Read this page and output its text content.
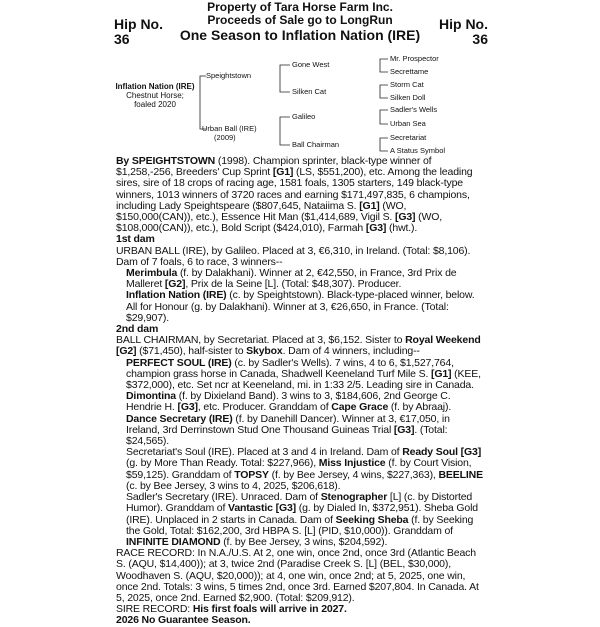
Hip No.
36
Property of Tara Horse Farm Inc.
Proceeds of Sale go to LongRun
One Season to Inflation Nation (IRE)
Hip No.
36
Speightstown
Urban Ball (IRE)
(2009)
Gone West
Silken Cat
Galileo
Ball Chairman
Mr. Prospector
Secrettame
Storm Cat
Silken Doll
Sadler's Wells
Urban Sea
Secretariat
A Status Symbol
Inflation Nation (IRE)
Chestnut Horse;
foaled 2020

By SPEIGHTSTOWN (1998). Champion sprinter, black-type winner of $1,258,-256, Breeders' Cup Sprint [G1] (LS, $551,200), etc. Among the leading sires, sire of 18 crops of racing age, 1581 foals, 1305 starters, 149 black-type winners, 1013 winners of 3720 races and earning $171,497,835, 6 champions, including Lady Speightspeare ($807,645, Nataiima S. [G1] (WO, $150,000(CAN)), etc.), Essence Hit Man ($1,414,689, Vigil S. [G3] (WO, $108,000(CAN)), etc.), Bold Script ($424,010), Farmah [G3] (hwt.).

1st dam

URBAN BALL (IRE), by Galileo. Placed at 3, €6,310, in Ireland. (Total: $8,106). Dam of 7 foals, 6 to race, 3 winners--

Merimbula (f. by Dalakhani). Winner at 2, €42,550, in France, 3rd Prix de Malleret [G2], Prix de la Seine [L]. (Total: $48,307). Producer.

Inflation Nation (IRE) (c. by Speightstown). Black-type-placed winner, below. All for Honour (g. by Dalakhani). Winner at 3, €26,650, in France. (Total: $29,907).

2nd dam

BALL CHAIRMAN, by Secretariat. Placed at 3, $6,152. Sister to Royal Weekend [G2] ($71,450), half-sister to Skybox. Dam of 4 winners, including--

PERFECT SOUL (IRE) (c. by Sadler's Wells). 7 wins, 4 to 6, $1,527,764, champion grass horse in Canada, Shadwell Keeneland Turf Mile S. [G1] (KEE, $372,000), etc. Set ncr at Keeneland, mi. in 1:33 2/5. Leading sire in Canada.

Dimontina (f. by Dixieland Band). 3 wins to 3, $184,606, 2nd George C. Hendrie H. [G3], etc. Producer. Granddam of Cape Grace (f. by Abraaj).

Dance Secretary (IRE) (f. by Danehill Dancer). Winner at 3, €17,050, in Ireland, 3rd Derrinstown Stud One Thousand Guineas Trial [G3]. (Total: $24,565).

Secretariat's Soul (IRE). Placed at 3 and 4 in Ireland. Dam of Ready Soul [G3] (g. by More Than Ready. Total: $227,966), Miss Injustice (f. by Court Vision, $59,125). Granddam of TOPSY (f. by Bee Jersey, 4 wins, $227,363), BEELINE (c. by Bee Jersey, 3 wins to 4, 2025, $206,618).

Sadler's Secretary (IRE). Unraced. Dam of Stenographer [L] (c. by Distorted Humor). Granddam of Vantastic [G3] (g. by Dialed In, $372,951). Sheba Gold (IRE). Unplaced in 2 starts in Canada. Dam of Seeking Sheba (f. by Seeking the Gold, Total: $162,200, 3rd HBPA S. [L] (PID, $10,000)). Granddam of INFINITE DIAMOND (f. by Bee Jersey, 3 wins, $204,592).

RACE RECORD: In N.A./U.S. At 2, one win, once 2nd, once 3rd (Atlantic Beach S. (AQU, $14,400)); at 3, twice 2nd (Paradise Creek S. [L] (BEL, $30,000), Woodhaven S. (AQU, $20,000)); at 4, one win, once 2nd; at 5, 2025, one win, once 2nd. Totals: 3 wins, 5 times 2nd, once 3rd. Earned $207,804. In Canada. At 5, 2025, once 2nd. Earned $2,900. (Total: $209,912).

SIRE RECORD: His first foals will arrive in 2027.

2026 No Guarantee Season.
